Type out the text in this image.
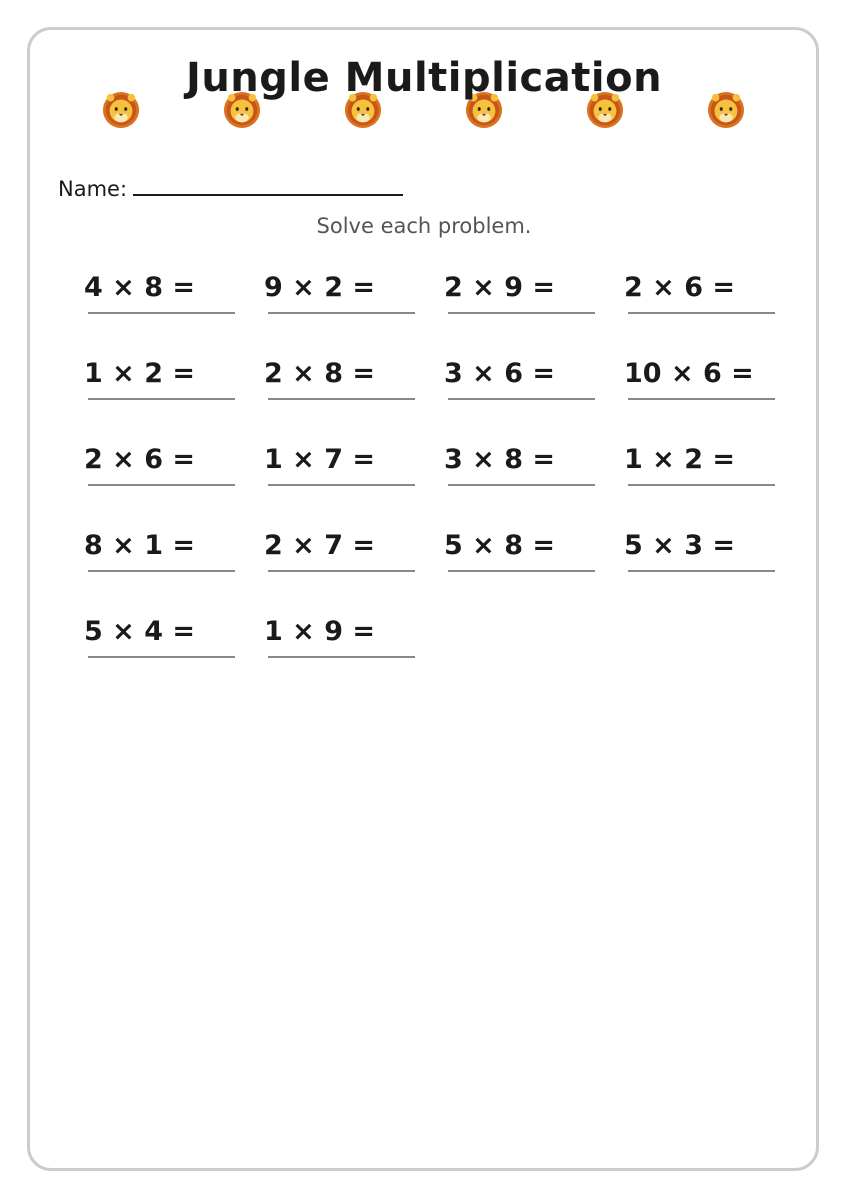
Jungle Multiplication
Name:
Solve each problem.
4 × 8 =	9 × 2 =	2 × 9 =	2 × 6 =
1 × 2 =	2 × 8 =	3 × 6 =	10 × 6 =
2 × 6 =	1 × 7 =	3 × 8 =	1 × 2 =
8 × 1 =	2 × 7 =	5 × 8 =	5 × 3 =
5 × 4 =	1 × 9 =
